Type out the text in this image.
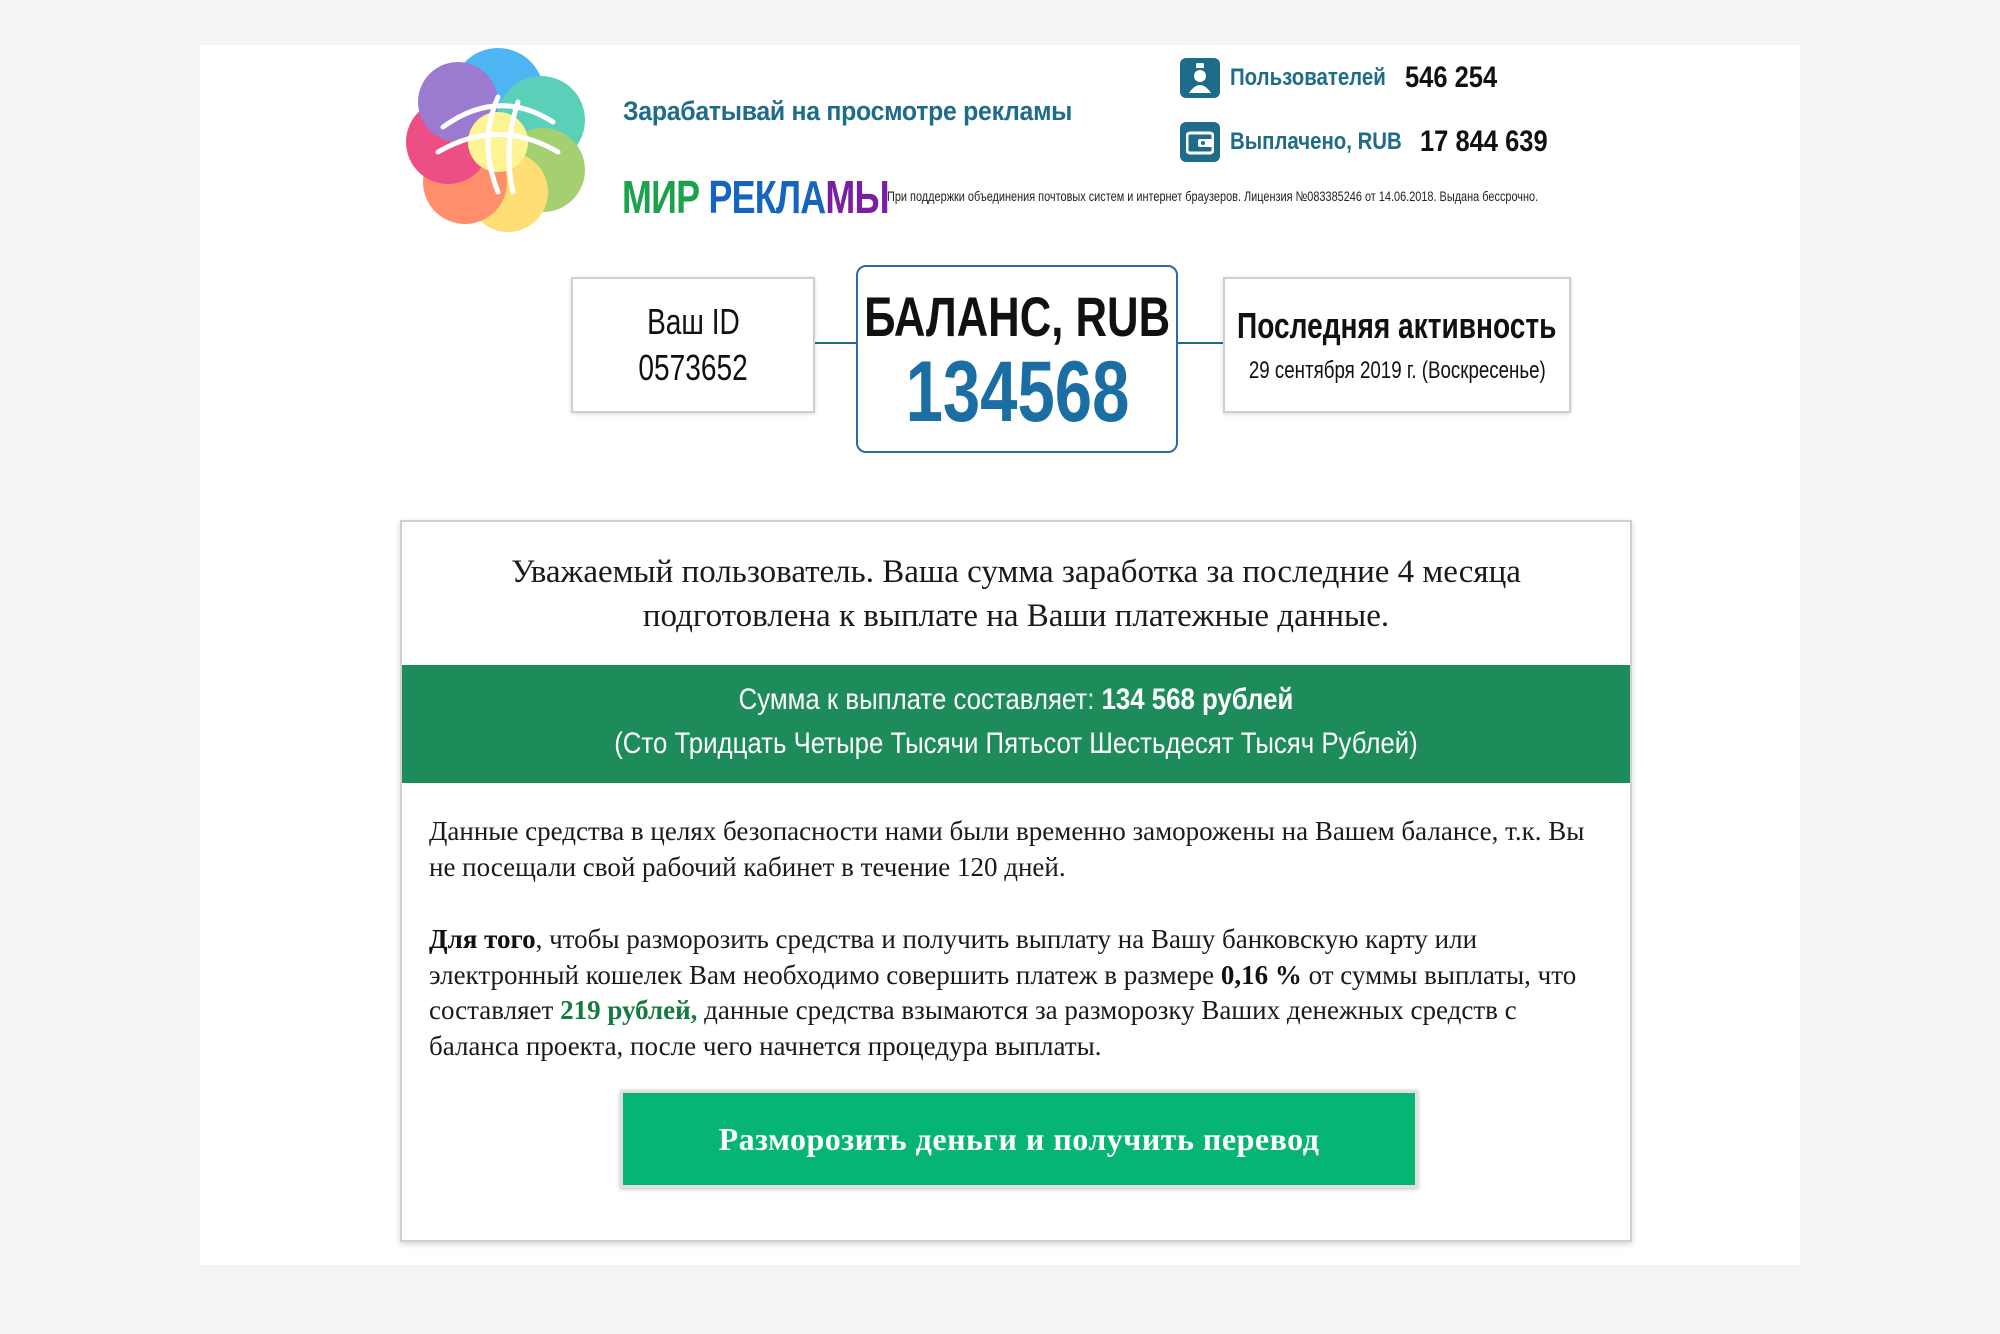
Зарабатывай на просмотре рекламы
МИР РЕКЛАМЫ
Пользователей 546 254
Выплачено, RUB 17 844 639
При поддержки объединения почтовых систем и интернет браузеров. Лицензия №083385246 от 14.06.2018. Выдана бессрочно.
Ваш ID
0573652
БАЛАНС, RUB
134568
Последняя активность
29 сентября 2019 г. (Воскресенье)
Уважаемый пользователь. Ваша сумма заработка за последние 4 месяца
подготовлена к выплате на Ваши платежные данные.
Сумма к выплате составляет: 134 568 рублей
(Сто Тридцать Четыре Тысячи Пятьсот Шестьдесят Тысяч Рублей)
Данные средства в целях безопасности нами были временно заморожены на Вашем балансе, т.к. Вы не посещали свой рабочий кабинет в течение 120 дней.
Для того, чтобы разморозить средства и получить выплату на Вашу банковскую карту или электронный кошелек Вам необходимо совершить платеж в размере 0,16 % от суммы выплаты, что составляет 219 рублей, данные средства взымаются за разморозку Ваших денежных средств с баланса проекта, после чего начнется процедура выплаты.
Разморозить деньги и получить перевод
